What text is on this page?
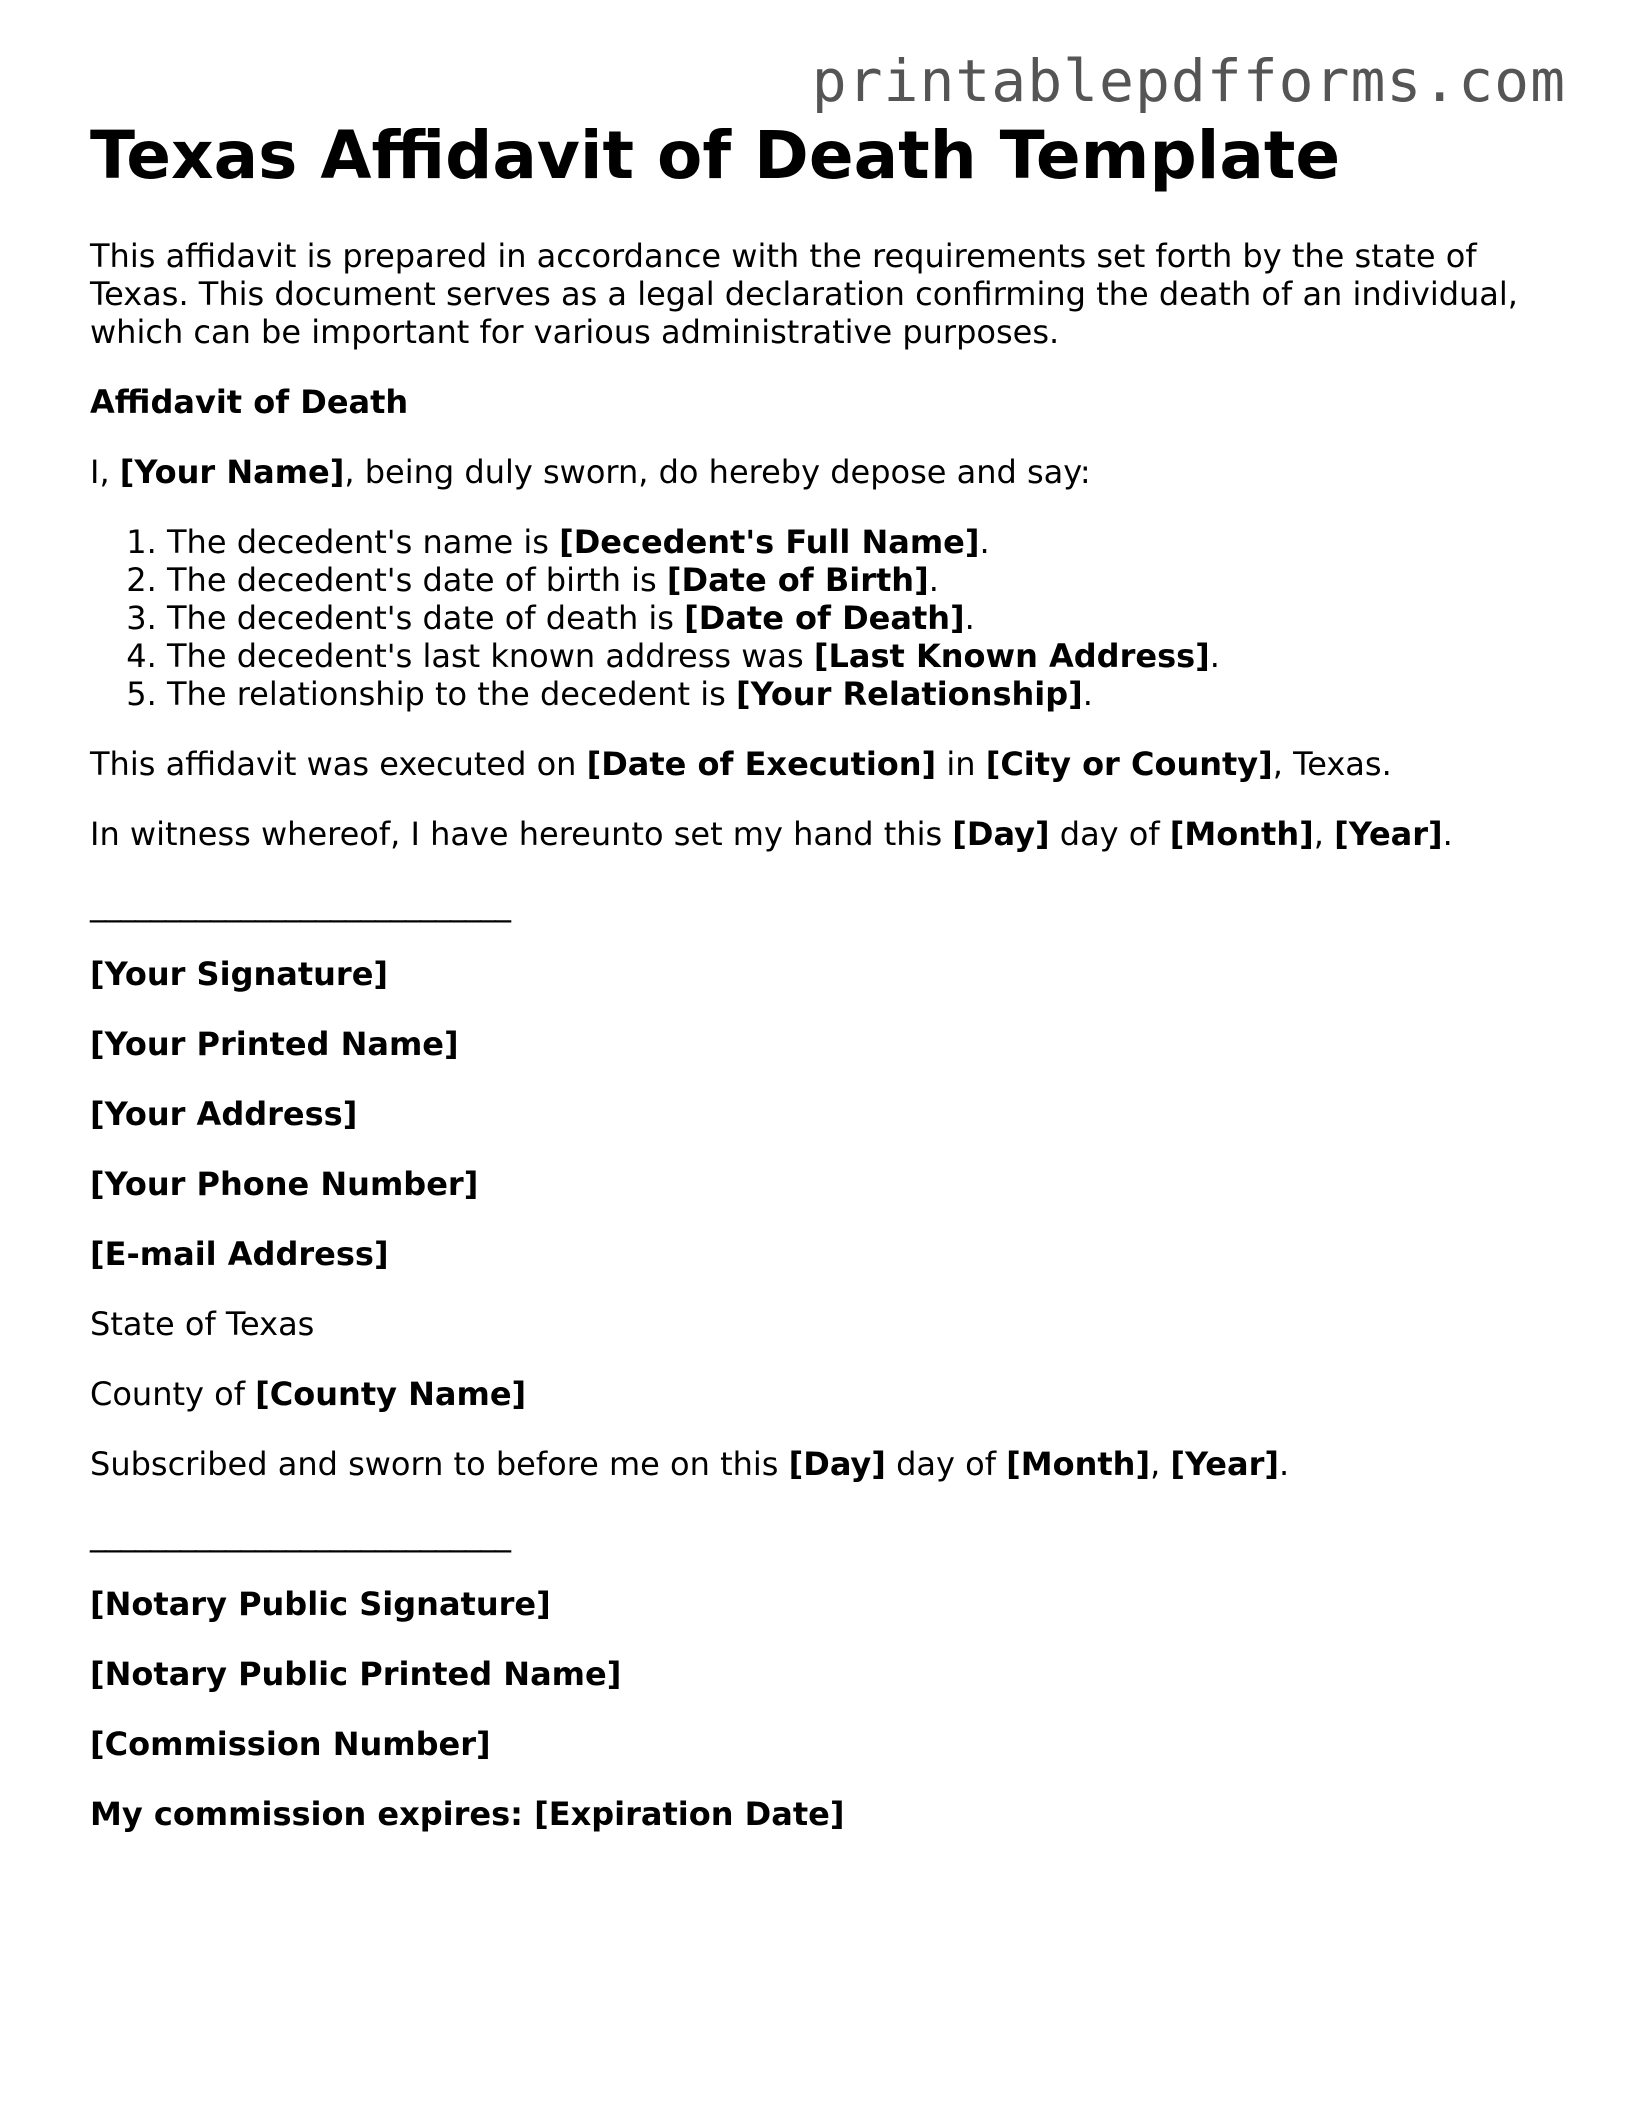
printablepdfforms.com
Texas Affidavit of Death Template

This affidavit is prepared in accordance with the requirements set forth by the state of Texas. This document serves as a legal declaration confirming the death of an individual, which can be important for various administrative purposes.

Affidavit of Death

I, [Your Name], being duly sworn, do hereby depose and say:

1. The decedent's name is [Decedent's Full Name].
2. The decedent's date of birth is [Date of Birth].
3. The decedent's date of death is [Date of Death].
4. The decedent's last known address was [Last Known Address].
5. The relationship to the decedent is [Your Relationship].

This affidavit was executed on [Date of Execution] in [City or County], Texas.

In witness whereof, I have hereunto set my hand this [Day] day of [Month], [Year].

____________________________

[Your Signature]

[Your Printed Name]

[Your Address]

[Your Phone Number]

[E-mail Address]

State of Texas

County of [County Name]

Subscribed and sworn to before me on this [Day] day of [Month], [Year].

____________________________

[Notary Public Signature]

[Notary Public Printed Name]

[Commission Number]

My commission expires: [Expiration Date]
